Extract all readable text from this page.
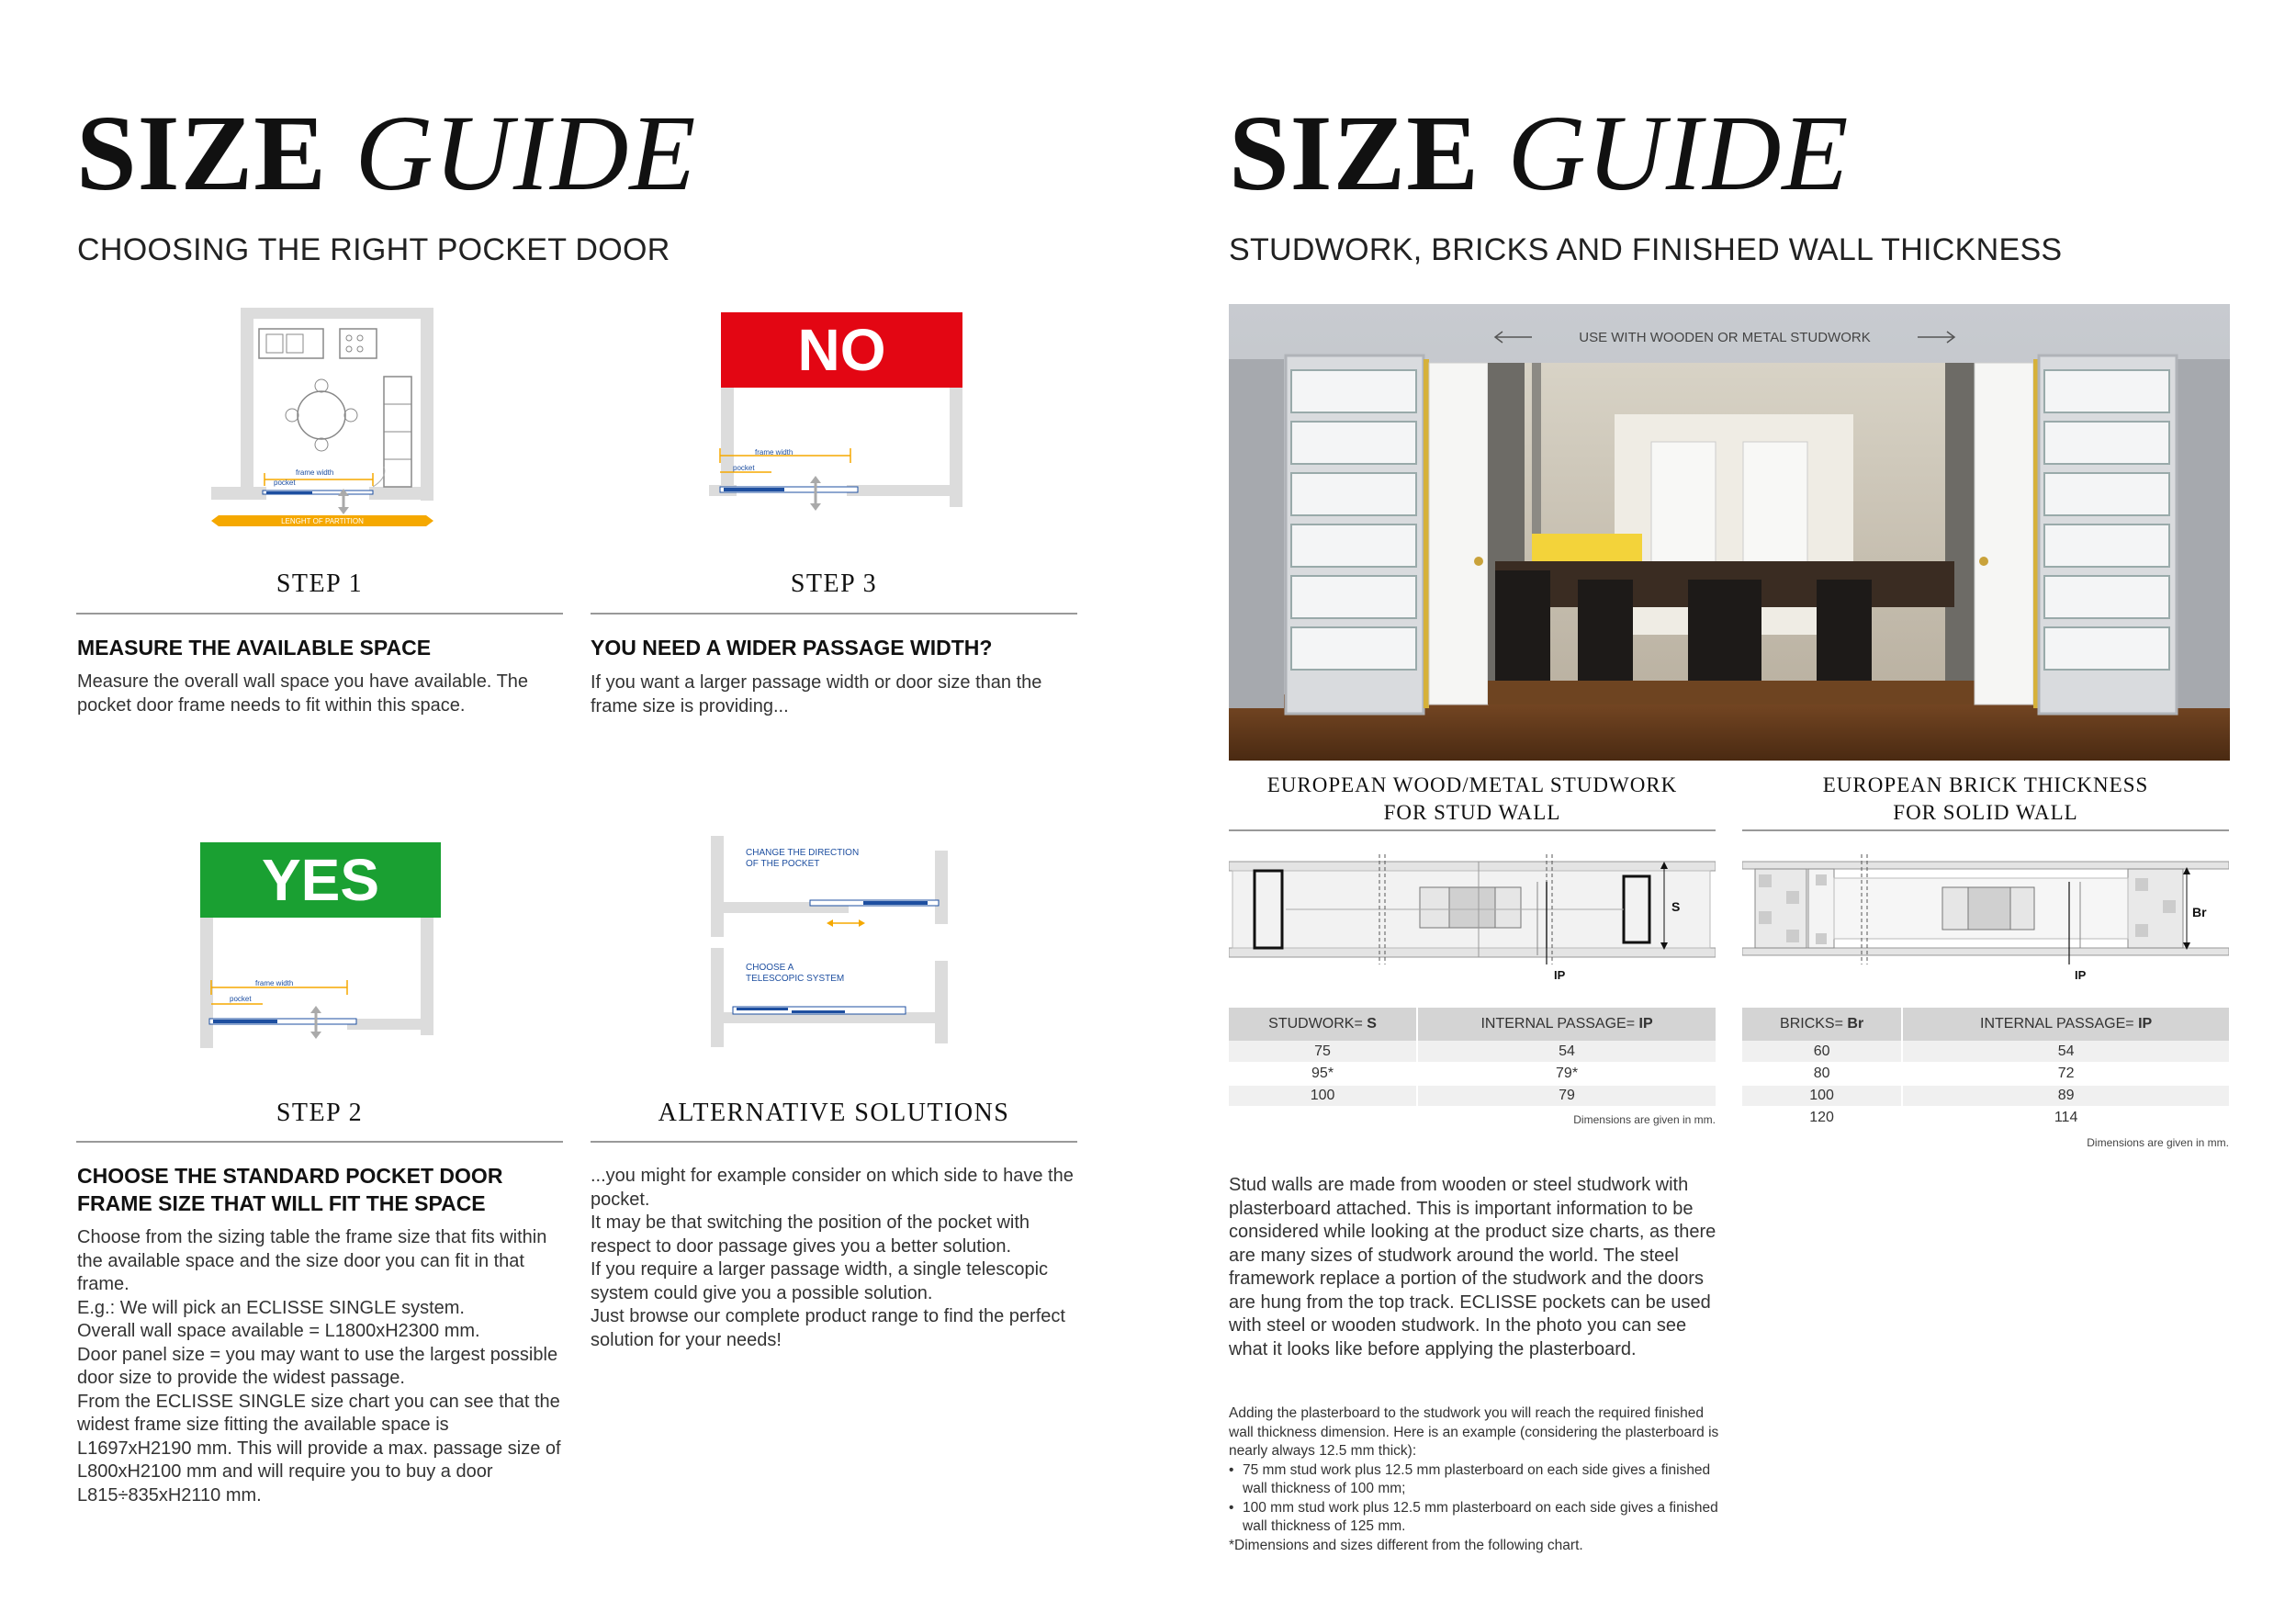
SIZE GUIDE
CHOOSING THE RIGHT POCKET DOOR
frame width
pocket
LENGHT OF PARTITION
STEP 1
MEASURE THE AVAILABLE SPACE
Measure the overall wall space you have available. The pocket door frame needs to fit within this space.
NO
frame width
pocket
STEP 3
YOU NEED A WIDER PASSAGE WIDTH?
If you want a larger passage width or door size than the frame size is providing...
YES
frame width
pocket
STEP 2
CHOOSE THE STANDARD POCKET DOOR FRAME SIZE THAT WILL FIT THE SPACE
Choose from the sizing table the frame size that fits within the available space and the size door you can fit in that frame.
E.g.: We will pick an ECLISSE SINGLE system.
Overall wall space available = L1800xH2300 mm.
Door panel size = you may want to use the largest possible door size to provide the widest passage.
From the ECLISSE SINGLE size chart you can see that the widest frame size fitting the available space is L1697xH2190 mm. This will provide a max. passage size of L800xH2100 mm and will require you to buy a door L815÷835xH2110 mm.
CHANGE THE DIRECTION
OF THE POCKET
CHOOSE A
TELESCOPIC SYSTEM
ALTERNATIVE SOLUTIONS
...you might for example consider on which side to have the pocket.
It may be that switching the position of the pocket with respect to door passage gives you a better solution.
If you require a larger passage width, a single telescopic system could give you a possible solution.
Just browse our complete product range to find the perfect solution for your needs!
SIZE GUIDE
STUDWORK, BRICKS AND FINISHED WALL THICKNESS
USE WITH WOODEN OR METAL STUDWORK
EUROPEAN WOOD/METAL STUDWORK
FOR STUD WALL
S
IP
STUDWORK= S	INTERNAL PASSAGE= IP
75	54
95*	79*
100	79
Dimensions are given in mm.
EUROPEAN BRICK THICKNESS
FOR SOLID WALL
Br
IP
BRICKS= Br	INTERNAL PASSAGE= IP
60	54
80	72
100	89
120	114
Dimensions are given in mm.
Stud walls are made from wooden or steel studwork with plasterboard attached. This is important information to be considered while looking at the product size charts, as there are many sizes of studwork around the world. The steel framework replace a portion of the studwork and the doors are hung from the top track. ECLISSE pockets can be used with steel or wooden studwork. In the photo you can see what it looks like before applying the plasterboard.
Adding the plasterboard to the studwork you will reach the required finished wall thickness dimension. Here is an example (considering the plasterboard is nearly always 12.5 mm thick):
• 75 mm stud work plus 12.5 mm plasterboard on each side gives a finished wall thickness of 100 mm;
• 100 mm stud work plus 12.5 mm plasterboard on each side gives a finished wall thickness of 125 mm.
*Dimensions and sizes different from the following chart.
